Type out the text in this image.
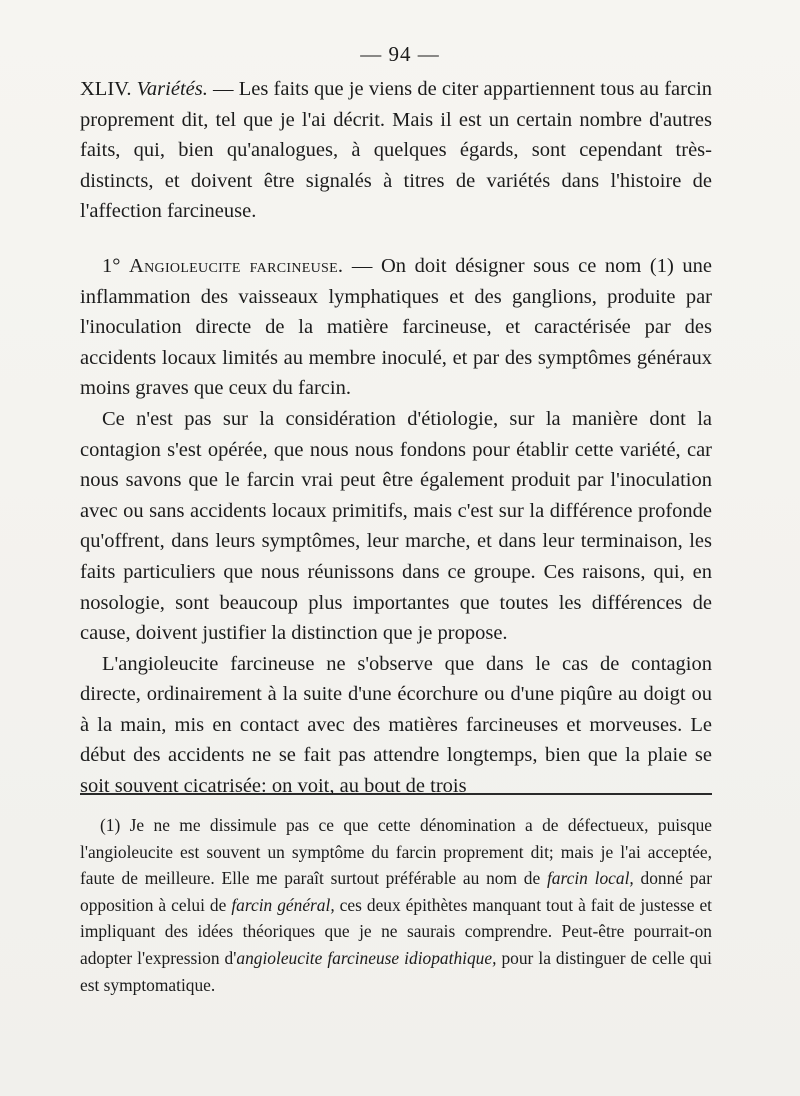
— 94 —

XLIV. Variétés. — Les faits que je viens de citer appartiennent tous au farcin proprement dit, tel que je l'ai décrit. Mais il est un certain nombre d'autres faits, qui, bien qu'analogues, à quelques égards, sont cependant très-distincts, et doivent être signalés à titres de variétés dans l'histoire de l'affection farcineuse.

1° Angioleucite farcineuse. — On doit désigner sous ce nom (1) une inflammation des vaisseaux lymphatiques et des ganglions, produite par l'inoculation directe de la matière farcineuse, et caractérisée par des accidents locaux limités au membre inoculé, et par des symptômes généraux moins graves que ceux du farcin.

Ce n'est pas sur la considération d'étiologie, sur la manière dont la contagion s'est opérée, que nous nous fondons pour établir cette variété, car nous savons que le farcin vrai peut être également produit par l'inoculation avec ou sans accidents locaux primitifs, mais c'est sur la différence profonde qu'offrent, dans leurs symptômes, leur marche, et dans leur terminaison, les faits particuliers que nous réunissons dans ce groupe. Ces raisons, qui, en nosologie, sont beaucoup plus importantes que toutes les différences de cause, doivent justifier la distinction que je propose.

L'angioleucite farcineuse ne s'observe que dans le cas de contagion directe, ordinairement à la suite d'une écorchure ou d'une piqûre au doigt ou à la main, mis en contact avec des matières farcineuses et morveuses. Le début des accidents ne se fait pas attendre longtemps, bien que la plaie se soit souvent cicatrisée: on voit, au bout de trois

(1) Je ne me dissimule pas ce que cette dénomination a de défectueux, puisque l'angioleucite est souvent un symptôme du farcin proprement dit; mais je l'ai acceptée, faute de meilleure. Elle me paraît surtout préférable au nom de farcin local, donné par opposition à celui de farcin général, ces deux épithètes manquant tout à fait de justesse et impliquant des idées théoriques que je ne saurais comprendre. Peut-être pourrait-on adopter l'expression d'angioleucite farcineuse idiopathique, pour la distinguer de celle qui est symptomatique.
